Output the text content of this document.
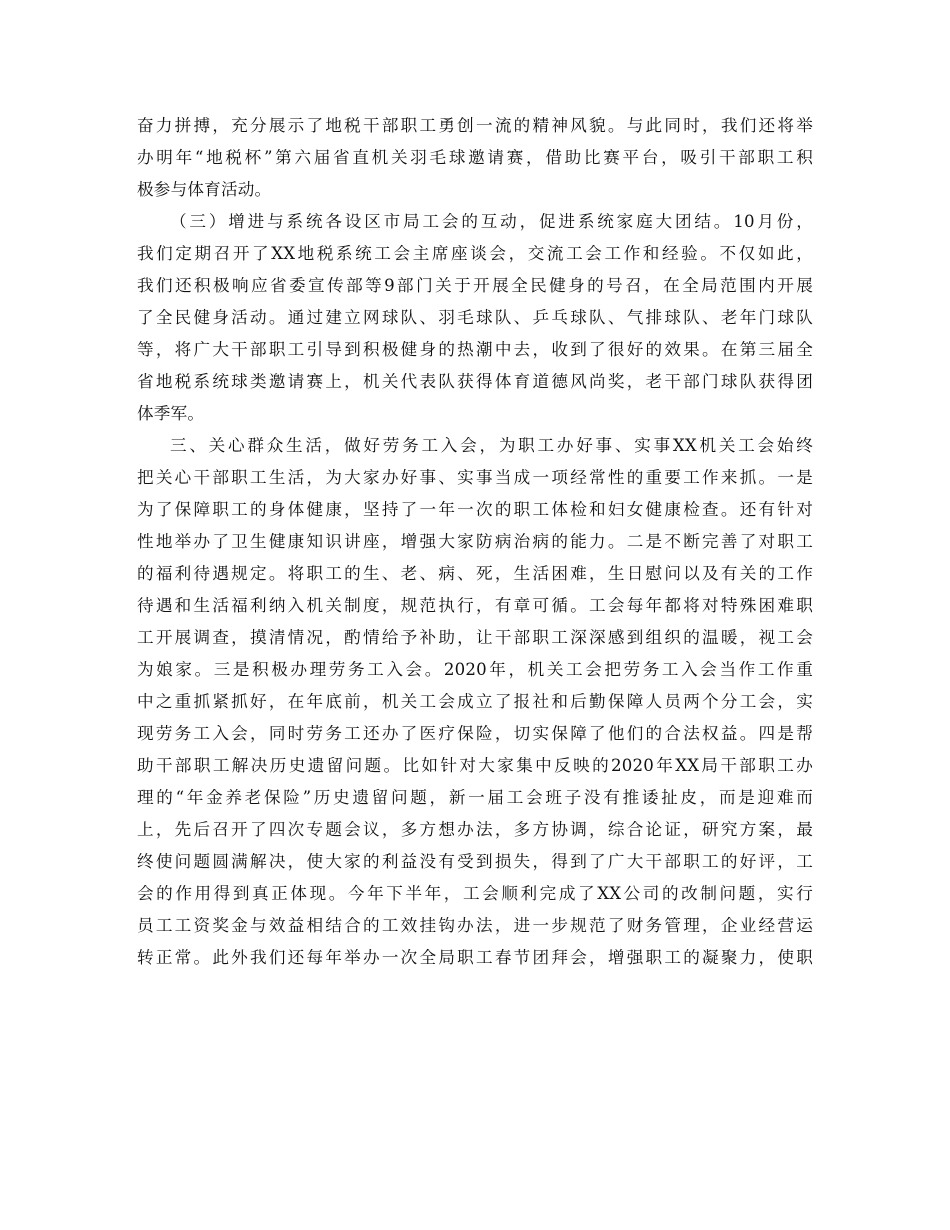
奋力拼搏，充分展示了地税干部职工勇创一流的精神风貌。与此同时，我们还将举
办明年“地税杯”第六届省直机关羽毛球邀请赛，借助比赛平台，吸引干部职工积
极参与体育活动。
（三）增进与系统各设区市局工会的互动，促进系统家庭大团结。10月份，
我们定期召开了XX地税系统工会主席座谈会，交流工会工作和经验。不仅如此，
我们还积极响应省委宣传部等9部门关于开展全民健身的号召，在全局范围内开展
了全民健身活动。通过建立网球队、羽毛球队、乒乓球队、气排球队、老年门球队
等，将广大干部职工引导到积极健身的热潮中去，收到了很好的效果。在第三届全
省地税系统球类邀请赛上，机关代表队获得体育道德风尚奖，老干部门球队获得团
体季军。
三、关心群众生活，做好劳务工入会，为职工办好事、实事XX机关工会始终
把关心干部职工生活，为大家办好事、实事当成一项经常性的重要工作来抓。一是
为了保障职工的身体健康，坚持了一年一次的职工体检和妇女健康检查。还有针对
性地举办了卫生健康知识讲座，增强大家防病治病的能力。二是不断完善了对职工
的福利待遇规定。将职工的生、老、病、死，生活困难，生日慰问以及有关的工作
待遇和生活福利纳入机关制度，规范执行，有章可循。工会每年都将对特殊困难职
工开展调查，摸清情况，酌情给予补助，让干部职工深深感到组织的温暖，视工会
为娘家。三是积极办理劳务工入会。2020年，机关工会把劳务工入会当作工作重
中之重抓紧抓好，在年底前，机关工会成立了报社和后勤保障人员两个分工会，实
现劳务工入会，同时劳务工还办了医疗保险，切实保障了他们的合法权益。四是帮
助干部职工解决历史遗留问题。比如针对大家集中反映的2020年XX局干部职工办
理的“年金养老保险”历史遗留问题，新一届工会班子没有推诿扯皮，而是迎难而
上，先后召开了四次专题会议，多方想办法，多方协调，综合论证，研究方案，最
终使问题圆满解决，使大家的利益没有受到损失，得到了广大干部职工的好评，工
会的作用得到真正体现。今年下半年，工会顺利完成了XX公司的改制问题，实行
员工工资奖金与效益相结合的工效挂钩办法，进一步规范了财务管理，企业经营运
转正常。此外我们还每年举办一次全局职工春节团拜会，增强职工的凝聚力，使职
